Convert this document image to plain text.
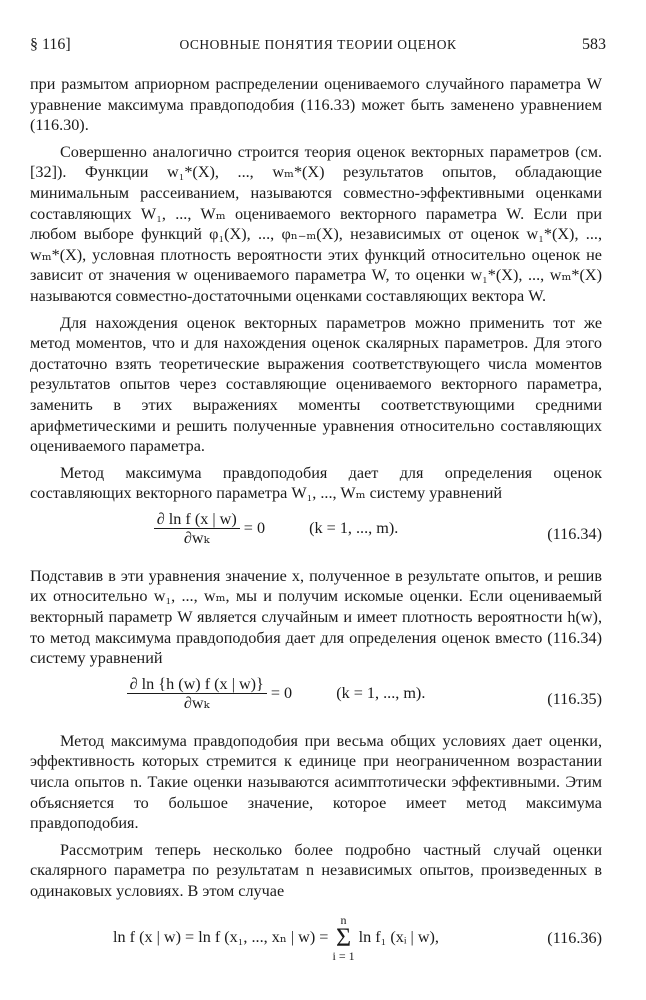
§ 116]	ОСНОВНЫЕ ПОНЯТИЯ ТЕОРИИ ОЦЕНОК	583

при размытом априорном распределении оцениваемого случайного параметра W уравнение максимума правдоподобия (116.33) может быть заменено уравнением (116.30).

Совершенно аналогично строится теория оценок векторных параметров (см. [32]). Функции w₁*(X), ..., wₘ*(X) результатов опытов, обладающие минимальным рассеиванием, называются совместно-эффективными оценками составляющих W₁, ..., Wₘ оцениваемого векторного параметра W. Если при любом выборе функций φ₁(X), ..., φₙ₋ₘ(X), независимых от оценок w₁*(X), ..., wₘ*(X), условная плотность вероятности этих функций относительно оценок не зависит от значения w оцениваемого параметра W, то оценки w₁*(X), ..., wₘ*(X) называются совместно-достаточными оценками составляющих вектора W.

Для нахождения оценок векторных параметров можно применить тот же метод моментов, что и для нахождения оценок скалярных параметров. Для этого достаточно взять теоретические выражения соответствующего числа моментов результатов опытов через составляющие оцениваемого векторного параметра, заменить в этих выражениях моменты соответствующими средними арифметическими и решить полученные уравнения относительно составляющих оцениваемого параметра.

Метод максимума правдоподобия дает для определения оценок составляющих векторного параметра W₁, ..., Wₘ систему уравнений

$\frac{\text{∂ ln f (x | w)}}{\text{∂wₖ}} = 0$	(k = 1, ..., m).	(116.34)

Подставив в эти уравнения значение x, полученное в результате опытов, и решив их относительно w₁, ..., wₘ, мы и получим искомые оценки. Если оцениваемый векторный параметр W является случайным и имеет плотность вероятности h(w), то метод максимума правдоподобия дает для определения оценок вместо (116.34) систему уравнений

$\frac{\partial \ln \{h (w) f (x | w)\}}{\text{∂wₖ}} = 0$	(k = 1, ..., m).	(116.35)

Метод максимума правдоподобия при весьма общих условиях дает оценки, эффективность которых стремится к единице при неограниченном возрастании числа опытов n. Такие оценки называются асимптотически эффективными. Этим объясняется то большое значение, которое имеет метод максимума правдоподобия.

Рассмотрим теперь несколько более подробно частный случай оценки скалярного параметра по результатам n независимых опытов, произведенных в одинаковых условиях. В этом случае

ln f (x | w) = ln f (x₁, ..., xₙ | w) = n
Σ
i = 1 ln f₁ (xᵢ | w),	(116.36)
